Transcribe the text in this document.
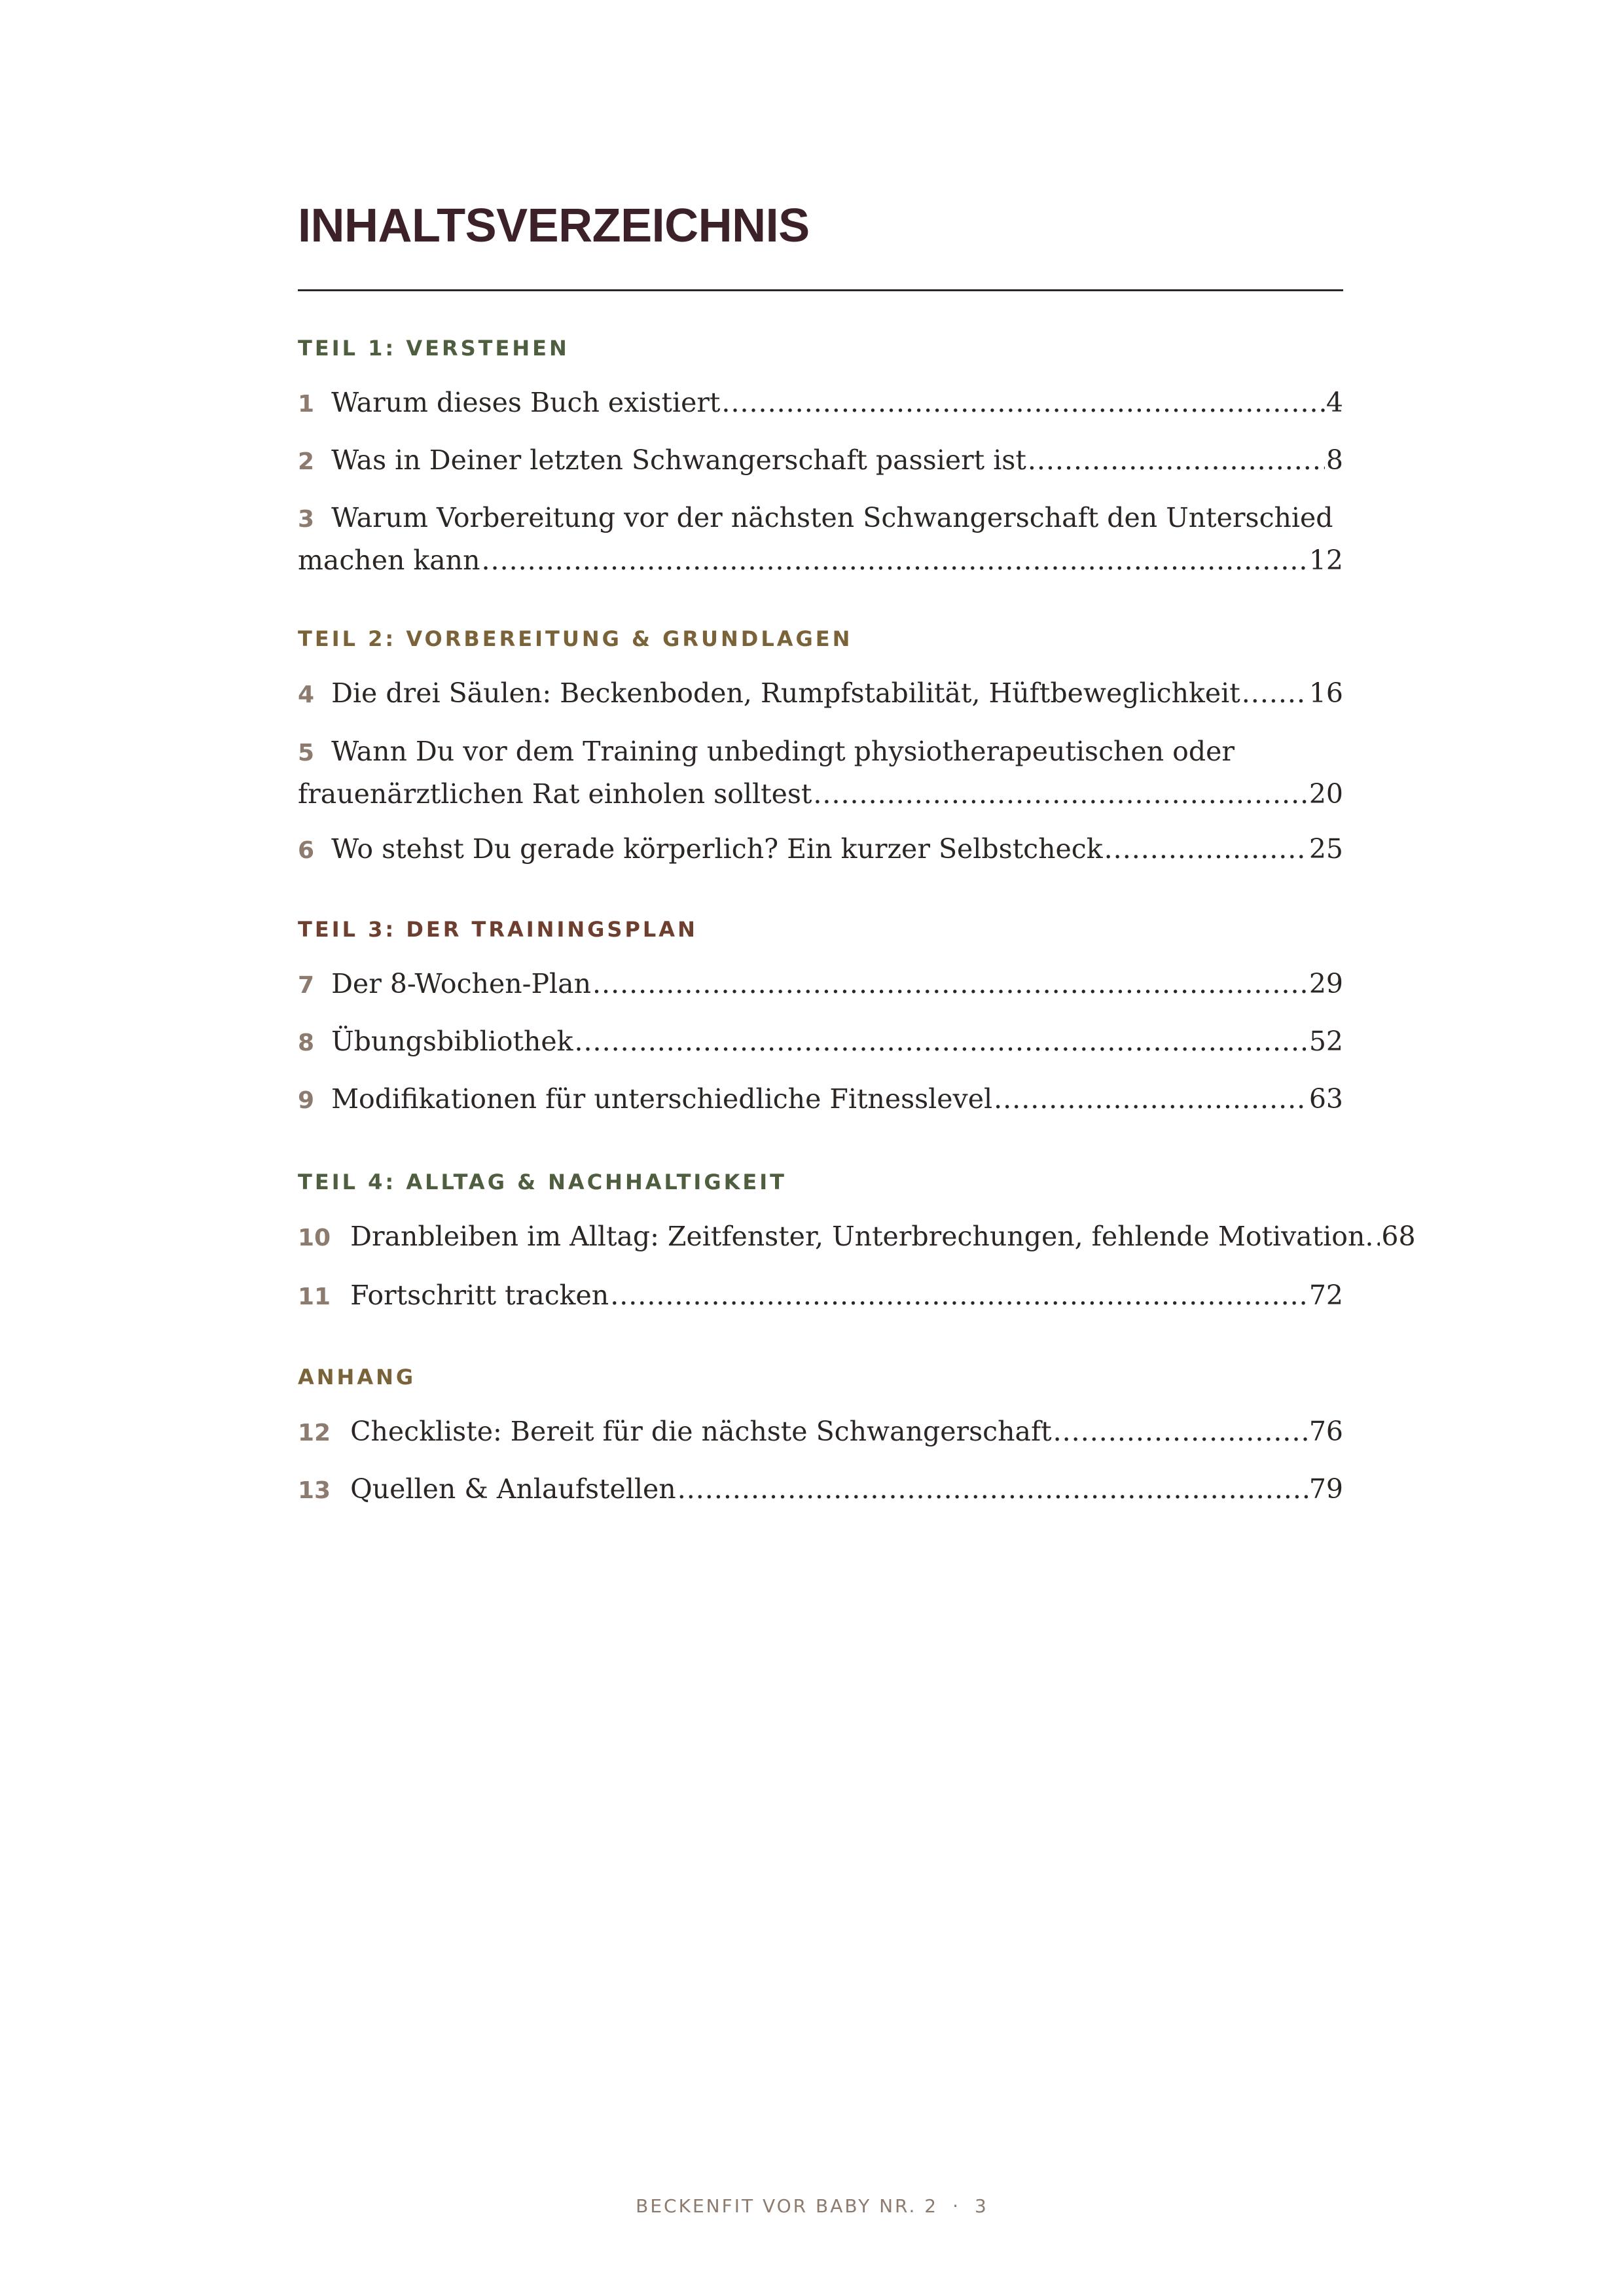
INHALTSVERZEICHNIS
TEIL 1: VERSTEHEN
1 Warum dieses Buch existiert .....	4
2 Was in Deiner letzten Schwangerschaft passiert ist .....	8
3 Warum Vorbereitung vor der nächsten Schwangerschaft den Unterschied
machen kann .....	12
TEIL 2: VORBEREITUNG & GRUNDLAGEN
4 Die drei Säulen: Beckenboden, Rumpfstabilität, Hüftbeweglichkeit .....	16
5 Wann Du vor dem Training unbedingt physiotherapeutischen oder
frauenärztlichen Rat einholen solltest .....	20
6 Wo stehst Du gerade körperlich? Ein kurzer Selbstcheck .....	25
TEIL 3: DER TRAININGSPLAN
7 Der 8-Wochen-Plan .....	29
8 Übungsbibliothek .....	52
9 Modifikationen für unterschiedliche Fitnesslevel .....	63
TEIL 4: ALLTAG & NACHHALTIGKEIT
10 Dranbleiben im Alltag: Zeitfenster, Unterbrechungen, fehlende Motivation. ..... 68
11 Fortschritt tracken .....	72
ANHANG
12 Checkliste: Bereit für die nächste Schwangerschaft .....	76
13 Quellen & Anlaufstellen .....	79
BECKENFIT VOR BABY NR. 2 · 3
